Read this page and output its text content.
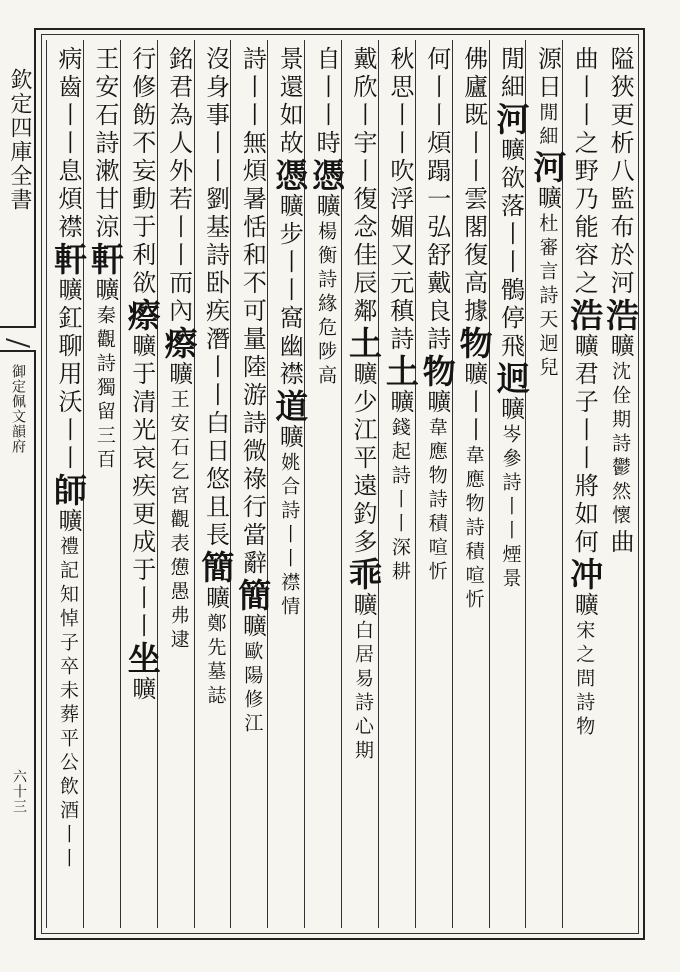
欽定四庫全書
御定佩文韻府
六十三
隘狹更析八監布於河浩曠沈佺期詩鬱然懷曲
曲丨丨之野乃能容之浩曠君子丨丨將如何冲曠宋之問詩物
源日閒細河曠杜審言詩天迥兒
閒細河曠欲落丨丨鶻停飛迥曠岑參詩丨丨煙景
佛廬既丨丨雲閣復高據物曠丨丨韋應物詩積喧忻
何丨丨煩蹋一弘舒戴良詩物曠韋應物詩積喧忻
秋思丨丨吹浮媚又元稹詩土曠錢起詩丨丨深耕
戴欣丨宇丨復念佳辰鄰土曠少江平遠釣多乖曠白居易詩心期
自丨丨時憑曠楊衡詩緣危陟高
景還如故憑曠步丨丨窩幽襟道曠姚合詩丨丨襟情
詩丨丨無煩暑恬和不可量陸游詩微祿行當辭簡曠歐陽修江
沒身事丨丨劉基詩卧疾潛丨丨白日悠且長簡曠鄭先墓誌
銘君為人外若丨丨而內瘵曠王安石乞宮觀表憊愚弗逮
行修飭不妄動于利欲瘵曠于清光哀疾更成于丨丨坐曠
王安石詩漱甘涼軒曠秦觀詩獨留三百
病齒丨丨息煩襟軒曠釭聊用沃丨丨師曠禮記知悼子卒未葬平公飲酒丨丨
